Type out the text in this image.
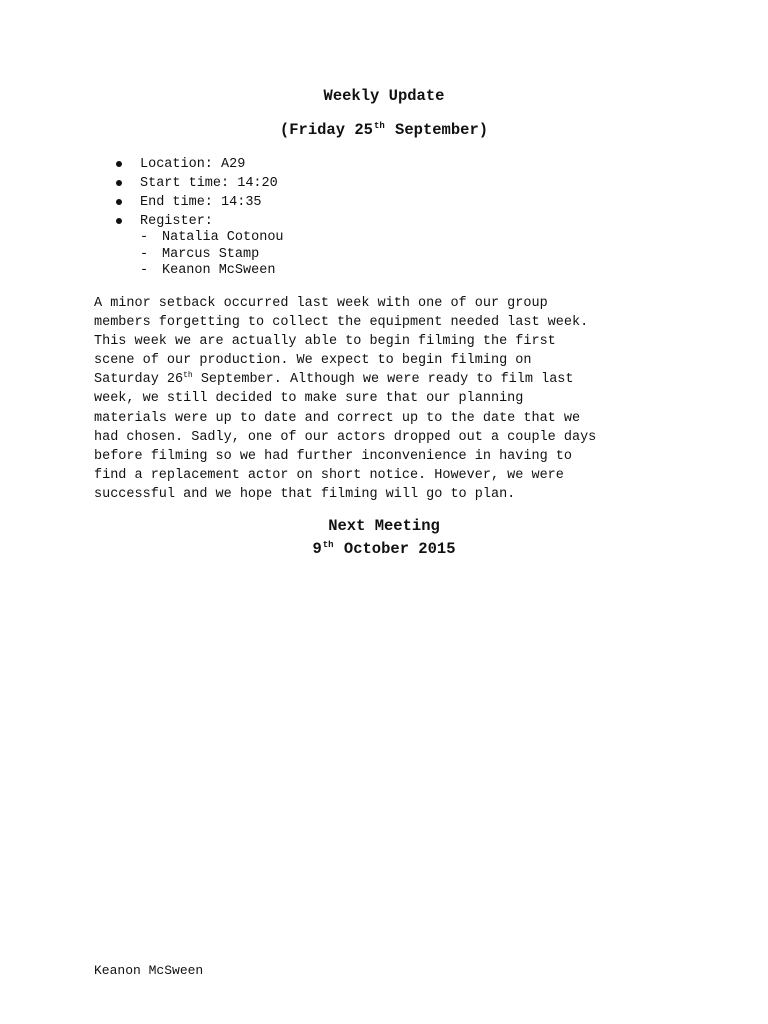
Weekly Update
(Friday 25th September)
Location: A29
Start time: 14:20
End time: 14:35
Register:
- Natalia Cotonou
- Marcus Stamp
- Keanon McSween
A minor setback occurred last week with one of our group
members forgetting to collect the equipment needed last week.
This week we are actually able to begin filming the first
scene of our production. We expect to begin filming on
Saturday 26th September. Although we were ready to film last
week, we still decided to make sure that our planning
materials were up to date and correct up to the date that we
had chosen. Sadly, one of our actors dropped out a couple days
before filming so we had further inconvenience in having to
find a replacement actor on short notice. However, we were
successful and we hope that filming will go to plan.
Next Meeting
9th October 2015
Keanon McSween
